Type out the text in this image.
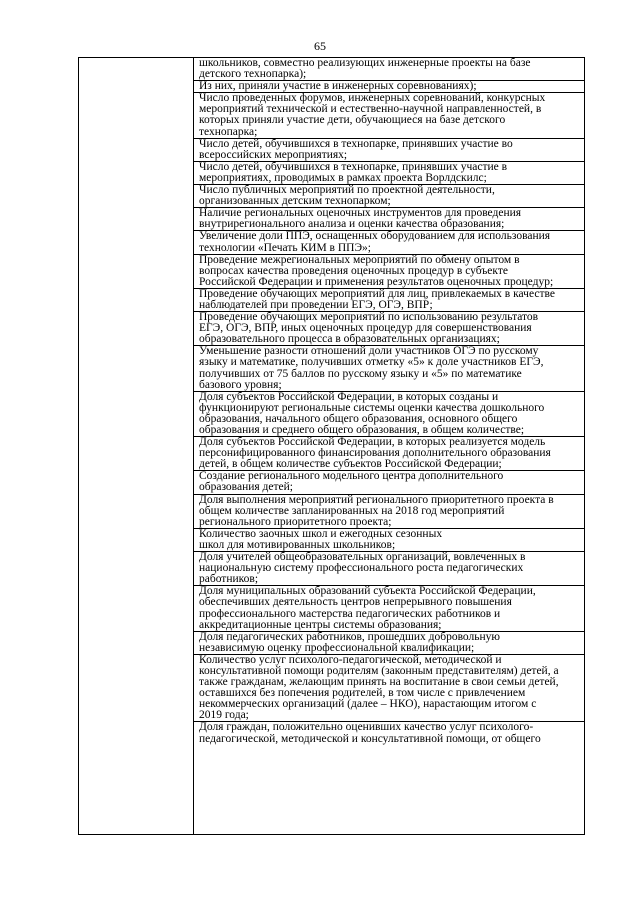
65
школьников, совместно реализующих инженерные проекты на базе
детского технопарка);
Из них, приняли участие в инженерных соревнованиях);
Число проведенных форумов, инженерных соревнований, конкурсных
мероприятий технической и естественно-научной направленностей, в
которых приняли участие дети, обучающиеся на базе детского
технопарка;
Число детей, обучившихся в технопарке, принявших участие во
всероссийских мероприятиях;
Число детей, обучившихся в технопарке, принявших участие в
мероприятиях, проводимых в рамках проекта Ворлдскилс;
Число публичных мероприятий по проектной деятельности,
организованных детским технопарком;
Наличие региональных оценочных инструментов для проведения
внутрирегионального анализа и оценки качества образования;
Увеличение доли ППЭ, оснащенных оборудованием для использования
технологии «Печать КИМ в ППЭ»;
Проведение межрегиональных мероприятий по обмену опытом в
вопросах качества проведения оценочных процедур в субъекте
Российской Федерации и применения результатов оценочных процедур;
Проведение обучающих мероприятий для лиц, привлекаемых в качестве
наблюдателей при проведении ЕГЭ, ОГЭ, ВПР;
Проведение обучающих мероприятий по использованию результатов
ЕГЭ, ОГЭ, ВПР, иных оценочных процедур для совершенствования
образовательного процесса в образовательных организациях;
Уменьшение разности отношений доли участников ОГЭ по русскому
языку и математике, получивших отметку «5» к доле участников ЕГЭ,
получивших от 75 баллов по русскому языку и «5» по математике
базового уровня;
Доля субъектов Российской Федерации, в которых созданы и
функционируют региональные системы оценки качества дошкольного
образования, начального общего образования, основного общего
образования и среднего общего образования, в общем количестве;
Доля субъектов Российской Федерации, в которых реализуется модель
персонифицированного финансирования дополнительного образования
детей, в общем количестве субъектов Российской Федерации;
Создание регионального модельного центра дополнительного
образования детей;
Доля выполнения мероприятий регионального приоритетного проекта в
общем количестве запланированных на 2018 год мероприятий
регионального приоритетного проекта;
Количество заочных школ и ежегодных сезонных
школ для мотивированных школьников;
Доля учителей общеобразовательных организаций, вовлеченных в
национальную систему профессионального роста педагогических
работников;
Доля муниципальных образований субъекта Российской Федерации,
обеспечивших деятельность центров непрерывного повышения
профессионального мастерства педагогических работников и
аккредитационные центры системы образования;
Доля педагогических работников, прошедших добровольную
независимую оценку профессиональной квалификации;
Количество услуг психолого-педагогической, методической и
консультативной помощи родителям (законным представителям) детей, а
также гражданам, желающим принять на воспитание в свои семьи детей,
оставшихся без попечения родителей, в том числе с привлечением
некоммерческих организаций (далее – НКО), нарастающим итогом с
2019 года;
Доля граждан, положительно оценивших качество услуг психолого-
педагогической, методической и консультативной помощи, от общего
